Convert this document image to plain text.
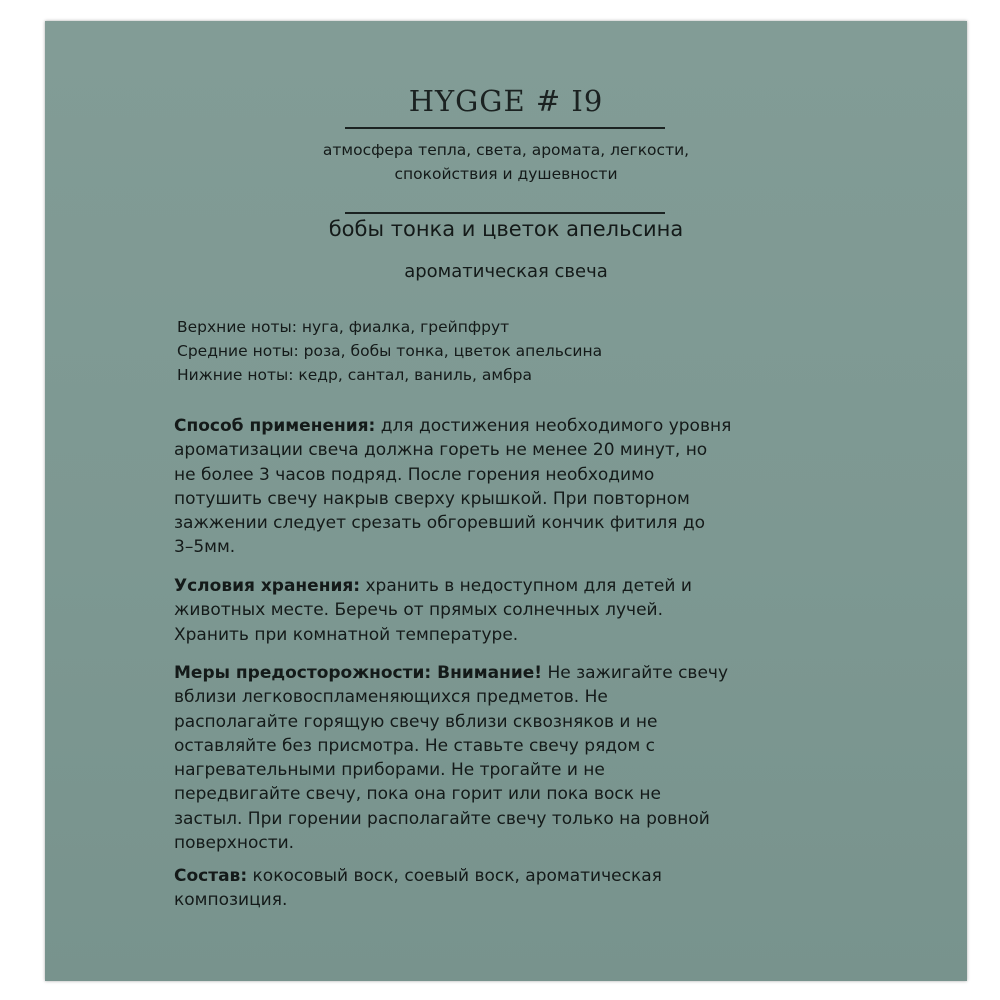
HYGGE # I9
атмосфера тепла, света, аромата, легкости,
спокойствия и душевности
бобы тонка и цветок апельсина
ароматическая свеча
Верхние ноты: нуга, фиалка, грейпфрут
Средние ноты: роза, бобы тонка, цветок апельсина
Нижние ноты: кедр, сантал, ваниль, амбра
Способ применения: для достижения необходимого уровня
ароматизации свеча должна гореть не менее 20 минут, но
не более 3 часов подряд. После горения необходимо
потушить свечу накрыв сверху крышкой. При повторном
зажжении следует срезать обгоревший кончик фитиля до
3–5мм.
Условия хранения: хранить в недоступном для детей и
животных месте. Беречь от прямых солнечных лучей.
Хранить при комнатной температуре.
Меры предосторожности: Внимание! Не зажигайте свечу
вблизи легковоспламеняющихся предметов. Не
располагайте горящую свечу вблизи сквозняков и не
оставляйте без присмотра. Не ставьте свечу рядом с
нагревательными приборами. Не трогайте и не
передвигайте свечу, пока она горит или пока воск не
застыл. При горении располагайте свечу только на ровной
поверхности.
Состав: кокосовый воск, соевый воск, ароматическая
композиция.
